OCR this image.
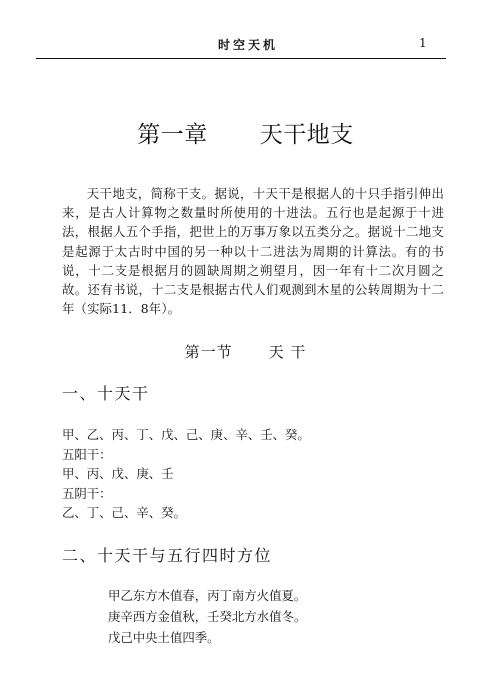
时空天机	1
第一章 天干地支

天干地支，简称干支。据说，十天干是根据人的十只手指引伸出来，是古人计算物之数量时所使用的十进法。五行也是起源于十进法，根据人五个手指，把世上的万事万象以五类分之。据说十二地支是起源于太古时中国的另一种以十二进法为周期的计算法。有的书说，十二支是根据月的圆缺周期之朔望月，因一年有十二次月圆之故。还有书说，十二支是根据古代人们观测到木星的公转周期为十二年（实际11．8年）。

第一节 天 干
一、十天干
甲、乙、丙、丁、戊、己、庚、辛、壬、癸。
五阳干：
甲、丙、戊、庚、壬
五阴干：
乙、丁、己、辛、癸。
二、十天干与五行四时方位
甲乙东方木值春，丙丁南方火值夏。
庚辛西方金值秋，壬癸北方水值冬。
戊己中央土值四季。
